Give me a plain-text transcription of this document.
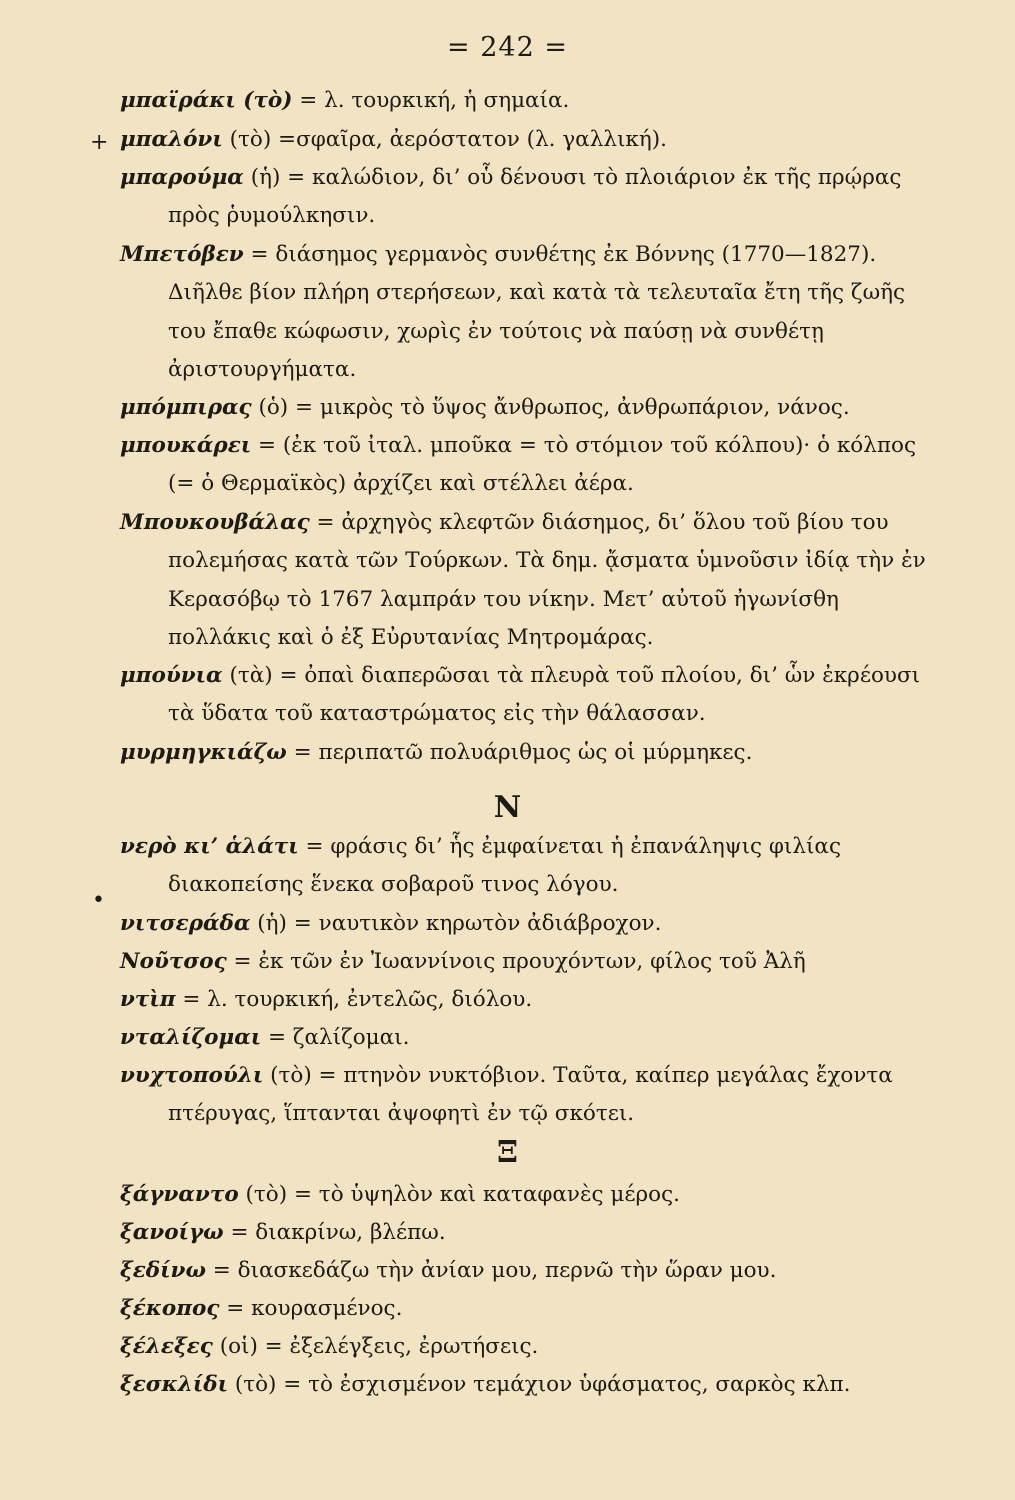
= 242 =
+
•
μπαϊράκι (τὸ) = λ. τουρκική, ἡ σημαία.
μπαλόνι (τὸ) =σφαῖρα, ἀερόστατον (λ. γαλλική).
μπαρούμα (ἡ) = καλώδιον, δι’ οὗ δένουσι τὸ πλοιάριον ἐκ τῆς πρῴρας πρὸς ῥυμούλκησιν.
Μπετόβεν = διάσημος γερμανὸς συνθέτης ἐκ Βόννης (1770—1827). Διῆλθε βίον πλήρη στερήσεων, καὶ κατὰ τὰ τελευταῖα ἔτη τῆς ζωῆς του ἔπαθε κώφωσιν, χωρὶς ἐν τούτοις νὰ παύσῃ νὰ συνθέτῃ ἀριστουργήματα.
μπόμπιρας (ὁ) = μικρὸς τὸ ὕψος ἄνθρωπος, ἀνθρωπάριον, νάνος.
μπουκάρει = (ἐκ τοῦ ἰταλ. μποῦκα = τὸ στόμιον τοῦ κόλπου)· ὁ κόλπος (= ὁ Θερμαϊκὸς) ἀρχίζει καὶ στέλλει ἀέρα.
Μπουκουβάλας = ἀρχηγὸς κλεφτῶν διάσημος, δι’ ὅλου τοῦ βίου του πολεμήσας κατὰ τῶν Τούρκων. Τὰ δημ. ᾄσματα ὑμνοῦσιν ἰδίᾳ τὴν ἐν Κερασόβῳ τὸ 1767 λαμπράν του νίκην. Μετ’ αὐτοῦ ἠγωνίσθη πολλάκις καὶ ὁ ἐξ Εὐρυτανίας Μητρομάρας.
μπούνια (τὰ) = ὀπαὶ διαπερῶσαι τὰ πλευρὰ τοῦ πλοίου, δι’ ὧν ἐκρέουσι τὰ ὕδατα τοῦ καταστρώματος εἰς τὴν θάλασσαν.
μυρμηγκιάζω = περιπατῶ πολυάριθμος ὡς οἱ μύρμηκες.
Ν
νερὸ κι’ ἁλάτι = φράσις δι’ ἧς ἐμφαίνεται ἡ ἐπανάληψις φιλίας διακοπείσης ἕνεκα σοβαροῦ τινος λόγου.
νιτσεράδα (ἡ) = ναυτικὸν κηρωτὸν ἀδιάβροχον.
Νοῦτσος = ἐκ τῶν ἐν Ἰωαννίνοις προυχόντων, φίλος τοῦ Ἀλῆ
ντὶπ = λ. τουρκική, ἐντελῶς, διόλου.
νταλίζομαι = ζαλίζομαι.
νυχτοπούλι (τὸ) = πτηνὸν νυκτόβιον. Ταῦτα, καίπερ μεγάλας ἔχοντα πτέρυγας, ἵπτανται ἀψοφητὶ ἐν τῷ σκότει.
Ξ
ξάγναντο (τὸ) = τὸ ὑψηλὸν καὶ καταφανὲς μέρος.
ξανοίγω = διακρίνω, βλέπω.
ξεδίνω = διασκεδάζω τὴν ἀνίαν μου, περνῶ τὴν ὥραν μου.
ξέκοπος = κουρασμένος.
ξέλεξες (οἱ) = ἐξελέγξεις, ἐρωτήσεις.
ξεσκλίδι (τὸ) = τὸ ἐσχισμένον τεμάχιον ὑφάσματος, σαρκὸς κλπ.
